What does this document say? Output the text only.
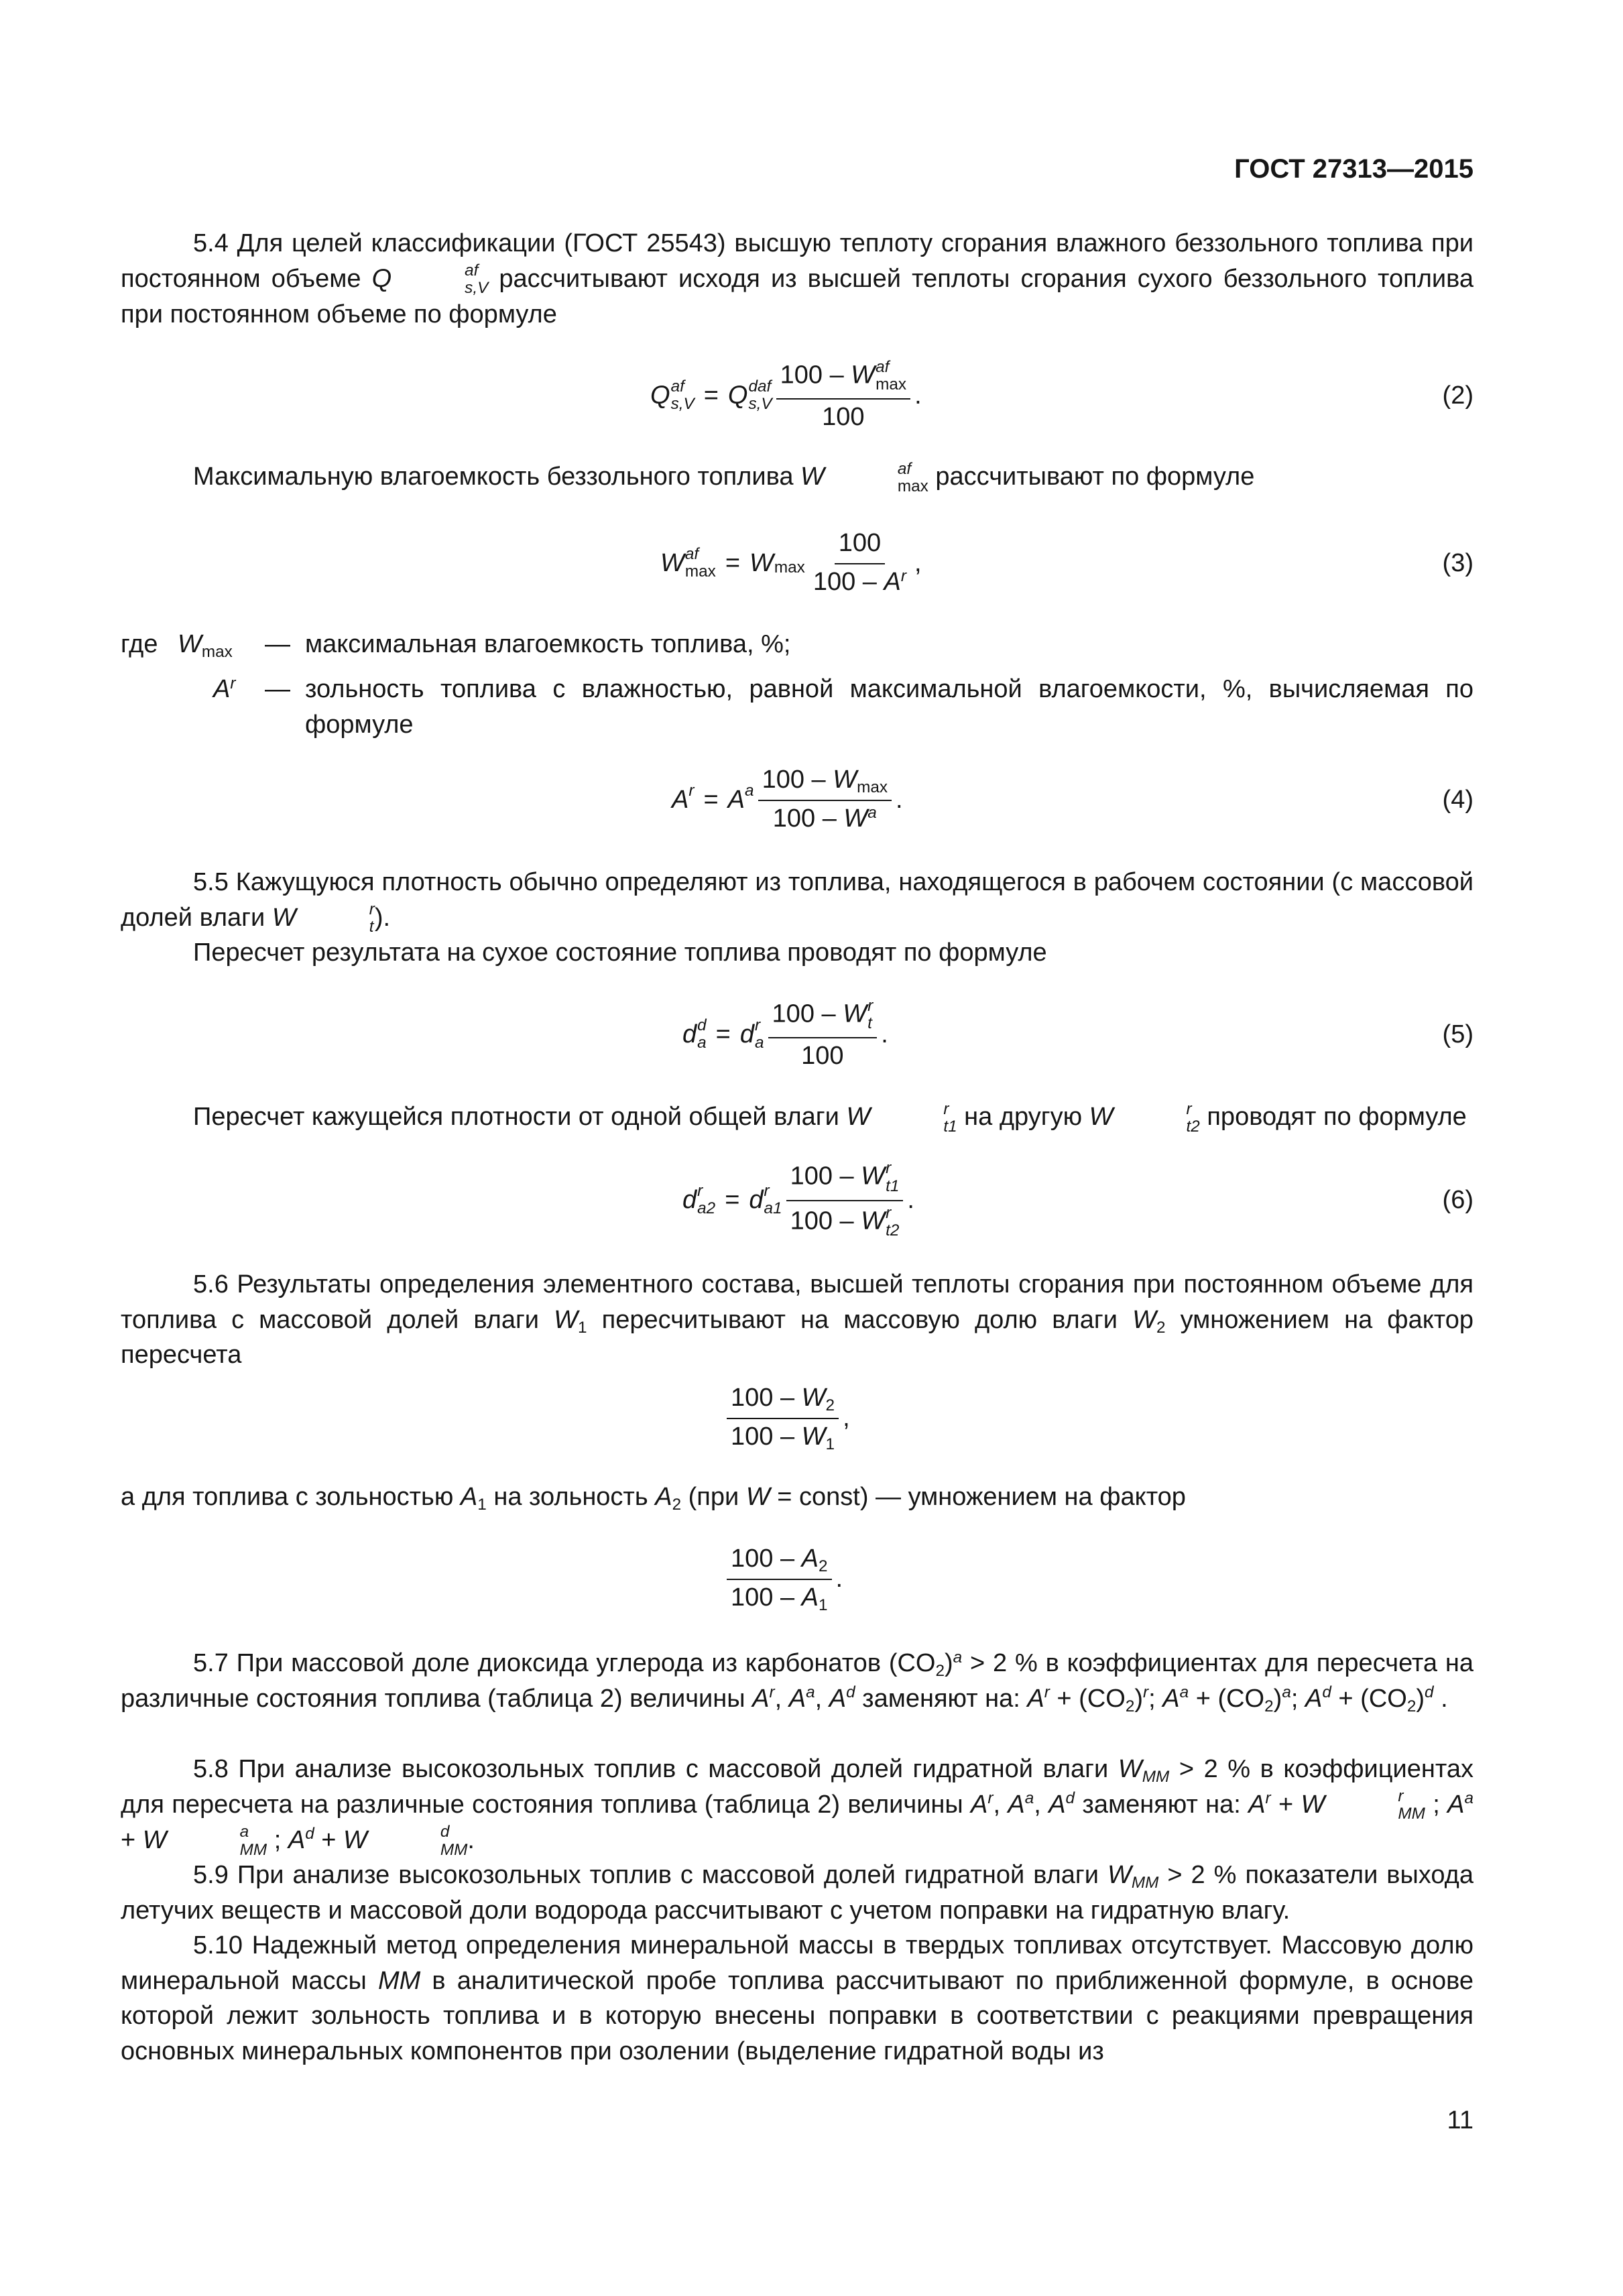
ГОСТ 27313—2015
5.4 Для целей классификации (ГОСТ 25543) высшую теплоту сгорания влажного беззольного топлива при постоянном объеме Q	af
s,V рассчитывают исходя из высшей теплоты сгорания сухого беззольного топлива при постоянном объеме по формуле
Q af
s,V = Q daf
s,V 100 – W af
max
100 .	(2)
Максимальную влагоемкость беззольного топлива W	af
max рассчитывают по формуле
W af
max = W $\max \frac{100}{100 - A^r}$ ,	(3)
где $W_{max}$ — максимальная влагоемкость топлива, %;
$A^r$ — зольность топлива с влажностью, равной максимальной влагоемкости, %, вычисляемая по формуле
A $^r$ = A $^a \frac{100 - W_{max}}{100 - W^a}$ .	(4)
5.5 Кажущуюся плотность обычно определяют из топлива, находящегося в рабочем состоянии (с массовой долей влаги W	r
t ).
Пересчет результата на сухое состояние топлива проводят по формуле
d d
a = d r
a 100 – W r
t
100 .	(5)
Пересчет кажущейся плотности от одной общей влаги W	r
t1 на другую W	r
t2 проводят по формуле
d r
a2 = d r
a1 100 – W r
t1
100 – W r
t2 .	(6)
5.6 Результаты определения элементного состава, высшей теплоты сгорания при постоянном объеме для топлива с массовой долей влаги $W_1$ пересчитывают на массовую долю влаги $W_2$ умножением на фактор пересчета
$\frac{100 - W_2}{100 - W_1}$ ,
а для топлива с зольностью $A_1$ на зольность $A_2$ (при W = const) — умножением на фактор
$\frac{100 - A_2}{100 - A_1}$ .
5.7 При массовой доле диоксида углерода из карбонатов $(CO_2)^a > 2$ % в коэффициентах для пересчета на различные состояния топлива (таблица 2) величины $A^r$, $A^a$, $A^d$ заменяют на: $A^r + (CO_2)^r$; $A^a + (CO_2)^a$; $A^d + (CO_2)^d$ .
5.8 При анализе высокозольных топлив с массовой долей гидратной влаги $W_{MM} > 2$ % в коэффициентах для пересчета на различные состояния топлива (таблица 2) величины $A^r$, $A^a$, $A^d$ заменяют на: $A^r + W$	r
MM ; $A^a + W$	a
MM ; $A^d + W$	d
MM .
5.9 При анализе высокозольных топлив с массовой долей гидратной влаги $W_{MM} > 2$ % показатели выхода летучих веществ и массовой доли водорода рассчитывают с учетом поправки на гидратную влагу.
5.10 Надежный метод определения минеральной массы в твердых топливах отсутствует. Массовую долю минеральной массы MM в аналитической пробе топлива рассчитывают по приближенной формуле, в основе которой лежит зольность топлива и в которую внесены поправки в соответствии с реакциями превращения основных минеральных компонентов при озолении (выделение гидратной воды из
11
